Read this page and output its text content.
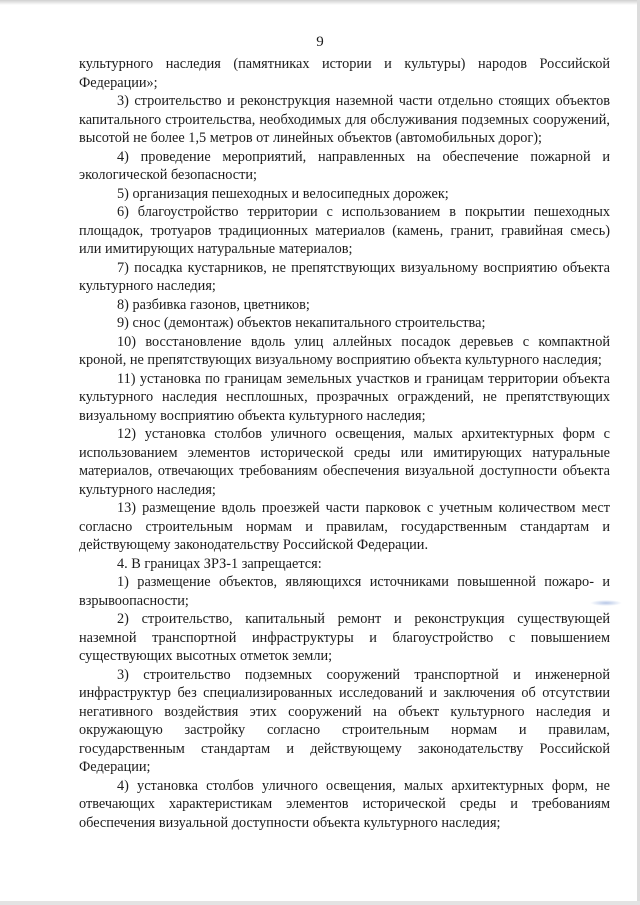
9

культурного наследия (памятниках истории и культуры) народов Российской Федерации»;

3) строительство и реконструкция наземной части отдельно стоящих объектов капитального строительства, необходимых для обслуживания подземных сооружений, высотой не более 1,5 метров от линейных объектов (автомобильных дорог);

4) проведение мероприятий, направленных на обеспечение пожарной и экологической безопасности;

5) организация пешеходных и велосипедных дорожек;

6) благоустройство территории с использованием в покрытии пешеходных площадок, тротуаров традиционных материалов (камень, гранит, гравийная смесь) или имитирующих натуральные материалов;

7) посадка кустарников, не препятствующих визуальному восприятию объекта культурного наследия;

8) разбивка газонов, цветников;

9) снос (демонтаж) объектов некапитального строительства;

10) восстановление вдоль улиц аллейных посадок деревьев с компактной кроной, не препятствующих визуальному восприятию объекта культурного наследия;

11) установка по границам земельных участков и границам территории объекта культурного наследия несплошных, прозрачных ограждений, не препятствующих визуальному восприятию объекта культурного наследия;

12) установка столбов уличного освещения, малых архитектурных форм с использованием элементов исторической среды или имитирующих натуральные материалов, отвечающих требованиям обеспечения визуальной доступности объекта культурного наследия;

13) размещение вдоль проезжей части парковок с учетным количеством мест согласно строительным нормам и правилам, государственным стандартам и действующему законодательству Российской Федерации.

4. В границах ЗРЗ-1 запрещается:

1) размещение объектов, являющихся источниками повышенной пожаро- и взрывоопасности;

2) строительство, капитальный ремонт и реконструкция существующей наземной транспортной инфраструктуры и благоустройство с повышением существующих высотных отметок земли;

3) строительство подземных сооружений транспортной и инженерной инфраструктур без специализированных исследований и заключения об отсутствии негативного воздействия этих сооружений на объект культурного наследия и окружающую застройку согласно строительным нормам и правилам, государственным стандартам и действующему законодательству Российской Федерации;

4) установка столбов уличного освещения, малых архитектурных форм, не отвечающих характеристикам элементов исторической среды и требованиям обеспечения визуальной доступности объекта культурного наследия;
